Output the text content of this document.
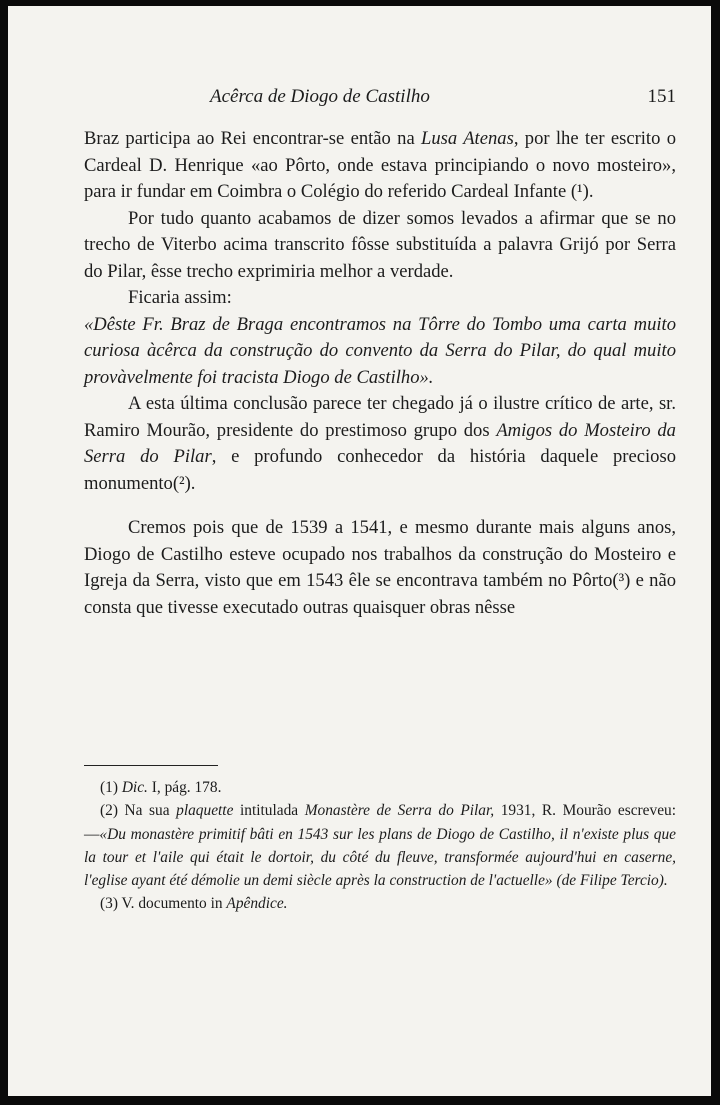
Acêrca de Diogo de Castilho	151

Braz participa ao Rei encontrar-se então na Lusa Atenas, por lhe ter escrito o Cardeal D. Henrique «ao Pôrto, onde estava principiando o novo mosteiro», para ir fundar em Coimbra o Colégio do referido Cardeal Infante (¹).

Por tudo quanto acabamos de dizer somos levados a afirmar que se no trecho de Viterbo acima transcrito fôsse substituída a palavra Grijó por Serra do Pilar, êsse trecho exprimiria melhor a verdade.

Ficaria assim:

«Dêste Fr. Braz de Braga encontramos na Tôrre do Tombo uma carta muito curiosa àcêrca da construção do convento da Serra do Pilar, do qual muito provàvelmente foi tracista Diogo de Castilho».

A esta última conclusão parece ter chegado já o ilustre crítico de arte, sr. Ramiro Mourão, presidente do prestimoso grupo dos Amigos do Mosteiro da Serra do Pilar, e profundo conhecedor da história daquele precioso monumento(²).

Cremos pois que de 1539 a 1541, e mesmo durante mais alguns anos, Diogo de Castilho esteve ocupado nos trabalhos da construção do Mosteiro e Igreja da Serra, visto que em 1543 êle se encontrava também no Pôrto(³) e não consta que tivesse executado outras quaisquer obras nêsse

(1) Dic. I, pág. 178.

(2) Na sua plaquette intitulada Monastère de Serra do Pilar, 1931, R. Mourão escreveu:—«Du monastère primitif bâti en 1543 sur les plans de Diogo de Castilho, il n'existe plus que la tour et l'aile qui était le dortoir, du côté du fleuve, transformée aujourd'hui en caserne, l'eglise ayant été démolie un demi siècle après la construction de l'actuelle» (de Filipe Tercio).

(3) V. documento in Apêndice.
